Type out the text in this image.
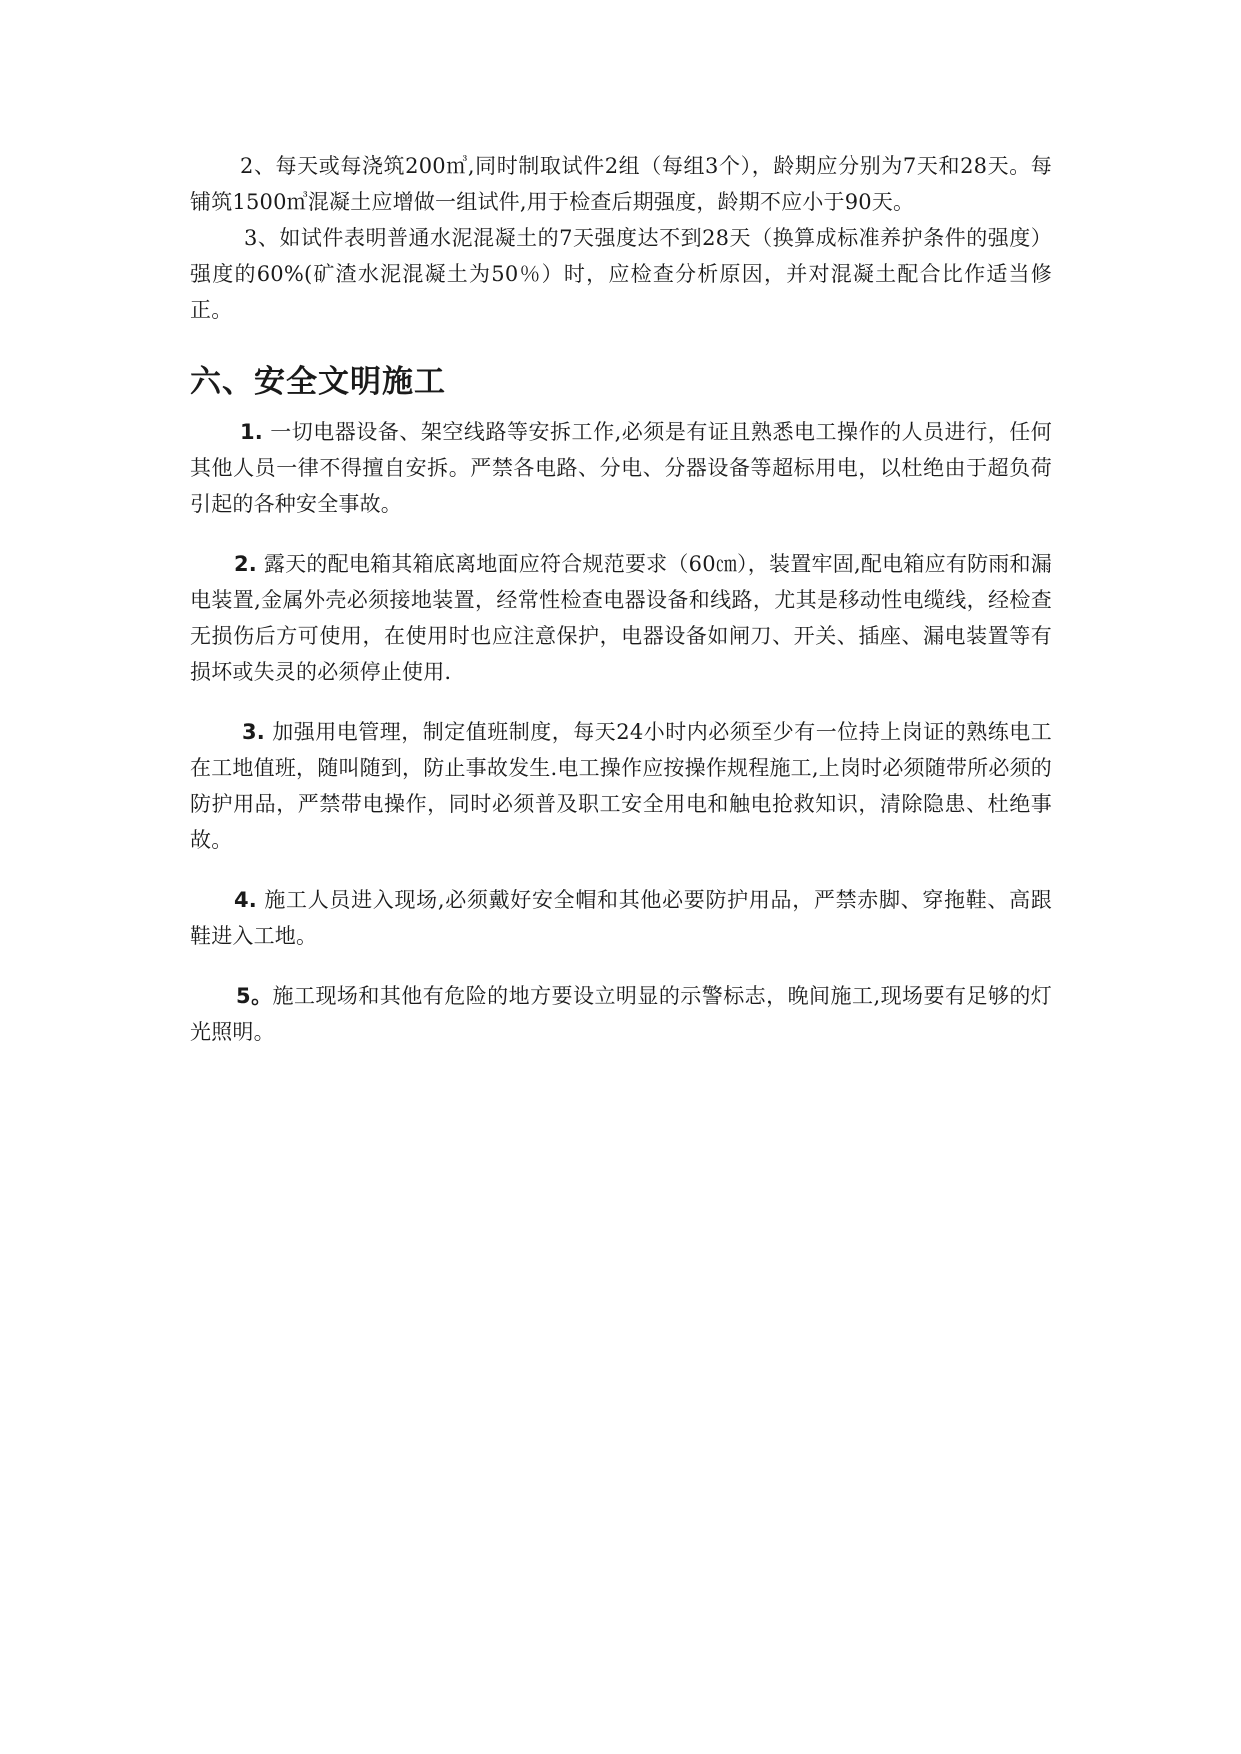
2、每天或每浇筑200㎥,同时制取试件2组（每组3个），龄期应分别为7天和28天。每铺筑1500㎥混凝土应增做一组试件,用于检查后期强度，龄期不应小于90天。

3、如试件表明普通水泥混凝土的7天强度达不到28天（换算成标准养护条件的强度）强度的60%(矿渣水泥混凝土为50％）时，应检查分析原因，并对混凝土配合比作适当修正。

六、安全文明施工

1. 一切电器设备、架空线路等安拆工作,必须是有证且熟悉电工操作的人员进行，任何其他人员一律不得擅自安拆。严禁各电路、分电、分器设备等超标用电，以杜绝由于超负荷引起的各种安全事故。

2. 露天的配电箱其箱底离地面应符合规范要求（60㎝），装置牢固,配电箱应有防雨和漏电装置,金属外壳必须接地装置，经常性检查电器设备和线路，尤其是移动性电缆线，经检查无损伤后方可使用，在使用时也应注意保护，电器设备如闸刀、开关、插座、漏电装置等有损坏或失灵的必须停止使用.

3. 加强用电管理，制定值班制度，每天24小时内必须至少有一位持上岗证的熟练电工在工地值班，随叫随到，防止事故发生.电工操作应按操作规程施工,上岗时必须随带所必须的防护用品，严禁带电操作，同时必须普及职工安全用电和触电抢救知识，清除隐患、杜绝事故。

4. 施工人员进入现场,必须戴好安全帽和其他必要防护用品，严禁赤脚、穿拖鞋、高跟鞋进入工地。

5。施工现场和其他有危险的地方要设立明显的示警标志，晚间施工,现场要有足够的灯光照明。
